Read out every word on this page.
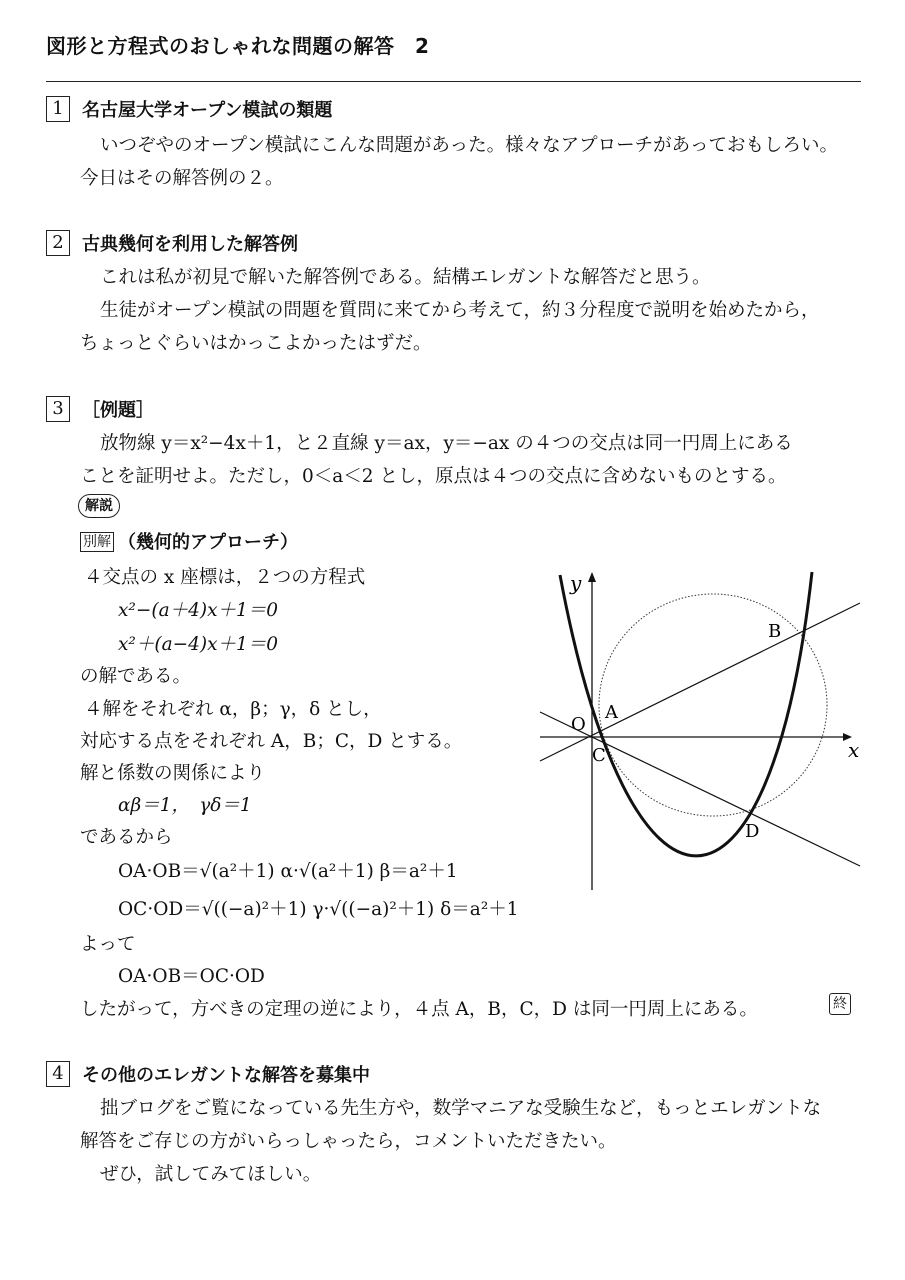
図形と方程式のおしゃれな問題の解答　2
1	名古屋大学オープン模試の類題
いつぞやのオープン模試にこんな問題があった。様々なアプローチがあっておもしろい。
今日はその解答例の２。
2	古典幾何を利用した解答例
これは私が初見で解いた解答例である。結構エレガントな解答だと思う。
生徒がオープン模試の問題を質問に来てから考えて，約３分程度で説明を始めたから，
ちょっとぐらいはかっこよかったはずだ。
3	［例題］
放物線 y＝x²−4x＋1，と２直線 y＝ax，y＝−ax の４つの交点は同一円周上にある
ことを証明せよ。ただし，0＜a＜2 とし，原点は４つの交点に含めないものとする。
解説
別解 （幾何的アプローチ）
４交点の x 座標は，２つの方程式
x²−(a＋4)x＋1＝0
x²＋(a−4)x＋1＝0
の解である。
４解をそれぞれ α，β；γ，δ とし，
対応する点をそれぞれ A，B；C，D とする。
解と係数の関係により
αβ＝1，　γδ＝1
であるから
OA·OB＝√(a²＋1) α·√(a²＋1) β＝a²＋1
OC·OD＝√((−a)²＋1) γ·√((−a)²＋1) δ＝a²＋1
よって
OA·OB＝OC·OD
したがって，方べきの定理の逆により，４点 A，B，C，D は同一円周上にある。	終
y
x
O
A
B
C
D
4	その他のエレガントな解答を募集中
拙ブログをご覧になっている先生方や，数学マニアな受験生など，もっとエレガントな
解答をご存じの方がいらっしゃったら，コメントいただきたい。
ぜひ，試してみてほしい。
